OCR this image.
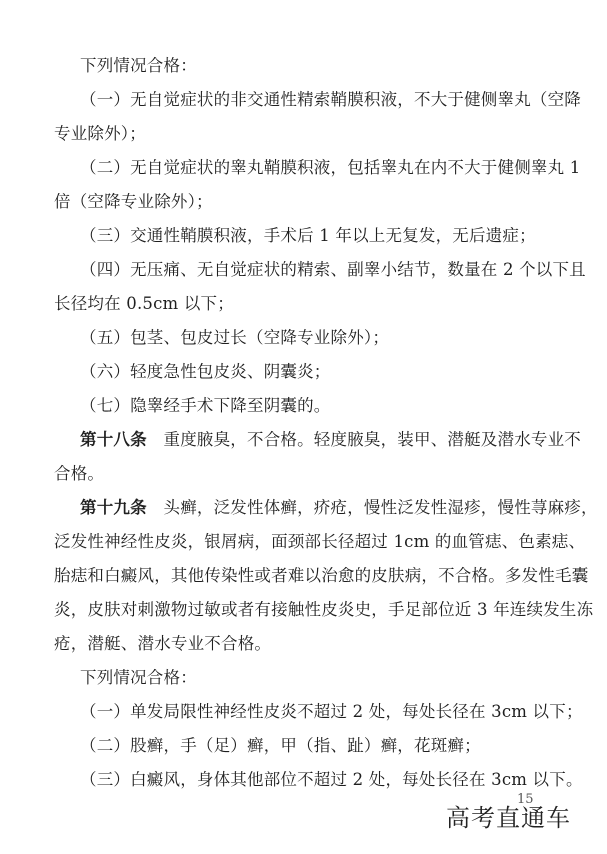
下列情况合格：
（一）无自觉症状的非交通性精索鞘膜积液，不大于健侧睾丸（空降
专业除外）；
（二）无自觉症状的睾丸鞘膜积液，包括睾丸在内不大于健侧睾丸 1
倍（空降专业除外）；
（三）交通性鞘膜积液，手术后 1 年以上无复发，无后遗症；
（四）无压痛、无自觉症状的精索、副睾小结节，数量在 2 个以下且
长径均在 0.5cm 以下；
（五）包茎、包皮过长（空降专业除外）；
（六）轻度急性包皮炎、阴囊炎；
（七）隐睾经手术下降至阴囊的。
第十八条　重度腋臭，不合格。轻度腋臭，装甲、潜艇及潜水专业不
合格。
第十九条　头癣，泛发性体癣，疥疮，慢性泛发性湿疹，慢性荨麻疹，
泛发性神经性皮炎，银屑病，面颈部长径超过 1cm 的血管痣、色素痣、
胎痣和白癜风，其他传染性或者难以治愈的皮肤病，不合格。多发性毛囊
炎，皮肤对刺激物过敏或者有接触性皮炎史，手足部位近 3 年连续发生冻
疮，潜艇、潜水专业不合格。
下列情况合格：
（一）单发局限性神经性皮炎不超过 2 处，每处长径在 3cm 以下；
（二）股癣，手（足）癣，甲（指、趾）癣，花斑癣；
（三）白癜风，身体其他部位不超过 2 处，每处长径在 3cm 以下。
15
高考直通车
